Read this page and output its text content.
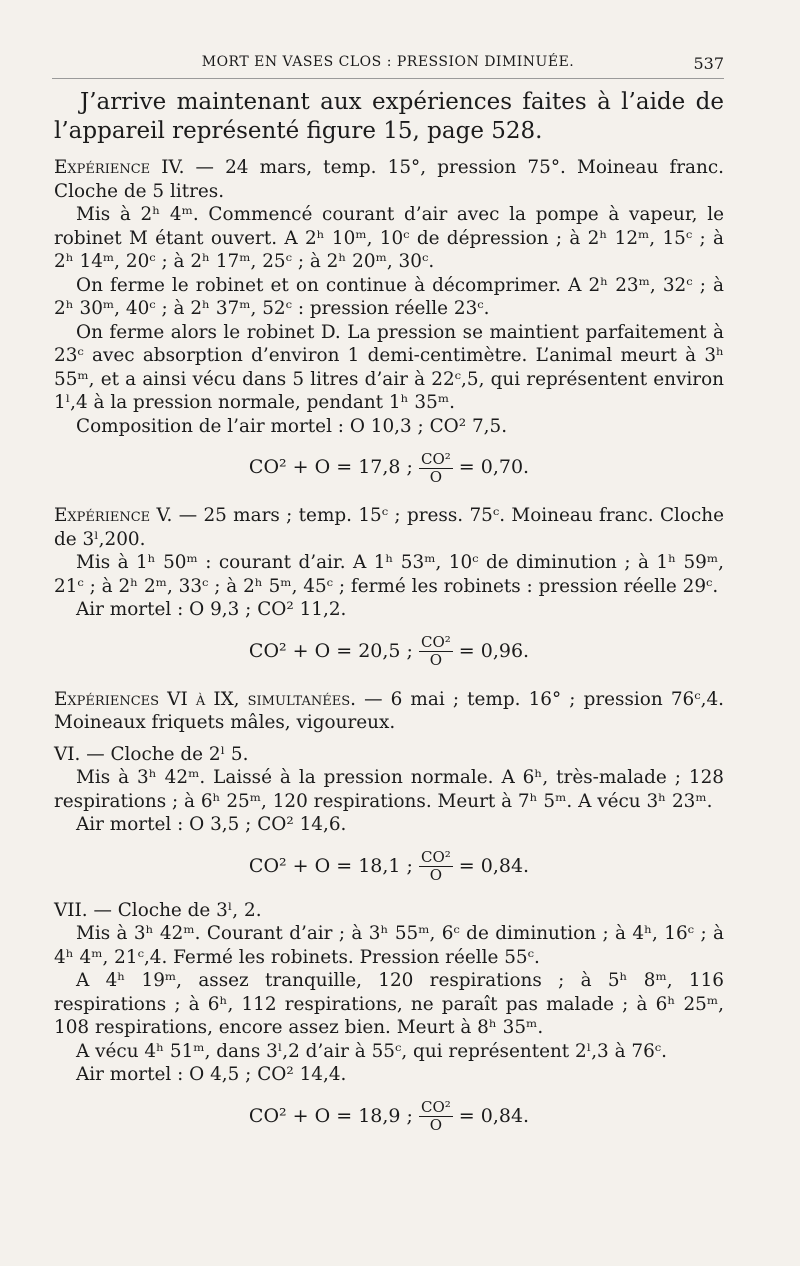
MORT EN VASES CLOS : PRESSION DIMINUÉE.	537

J’arrive maintenant aux expériences faites à l’aide de l’appareil représenté figure 15, page 528.

Expérience IV. — 24 mars, temp. 15°, pression 75°. Moineau franc. Cloche de 5 litres.

Mis à 2ʰ 4ᵐ. Commencé courant d’air avec la pompe à vapeur, le robinet M étant ouvert. A 2ʰ 10ᵐ, 10ᶜ de dépression ; à 2ʰ 12ᵐ, 15ᶜ ; à 2ʰ 14ᵐ, 20ᶜ ; à 2ʰ 17ᵐ, 25ᶜ ; à 2ʰ 20ᵐ, 30ᶜ.

On ferme le robinet et on continue à décomprimer. A 2ʰ 23ᵐ, 32ᶜ ; à 2ʰ 30ᵐ, 40ᶜ ; à 2ʰ 37ᵐ, 52ᶜ : pression réelle 23ᶜ.

On ferme alors le robinet D. La pression se maintient parfaitement à 23ᶜ avec absorption d’environ 1 demi-centimètre. L’animal meurt à 3ʰ 55ᵐ, et a ainsi vécu dans 5 litres d’air à 22ᶜ,5, qui représentent environ 1ˡ,4 à la pression normale, pendant 1ʰ 35ᵐ.

Composition de l’air mortel : O 10,3 ; CO² 7,5.

CO² + O = 17,8 ; $\frac{\text{CO²}}{O} = 0,70$.

Expérience V. — 25 mars ; temp. 15ᶜ ; press. 75ᶜ. Moineau franc. Cloche de 3ˡ,200.

Mis à 1ʰ 50ᵐ : courant d’air. A 1ʰ 53ᵐ, 10ᶜ de diminution ; à 1ʰ 59ᵐ, 21ᶜ ; à 2ʰ 2ᵐ, 33ᶜ ; à 2ʰ 5ᵐ, 45ᶜ ; fermé les robinets : pression réelle 29ᶜ.

Air mortel : O 9,3 ; CO² 11,2.

CO² + O = 20,5 ; $\frac{\text{CO²}}{O} = 0,96$.

Expériences VI à IX, simultanées. — 6 mai ; temp. 16° ; pression 76ᶜ,4. Moineaux friquets mâles, vigoureux.

VI. — Cloche de 2ˡ 5.

Mis à 3ʰ 42ᵐ. Laissé à la pression normale. A 6ʰ, très-malade ; 128 respirations ; à 6ʰ 25ᵐ, 120 respirations. Meurt à 7ʰ 5ᵐ. A vécu 3ʰ 23ᵐ.

Air mortel : O 3,5 ; CO² 14,6.

CO² + O = 18,1 ; $\frac{\text{CO²}}{O} = 0,84$.

VII. — Cloche de 3ˡ, 2.

Mis à 3ʰ 42ᵐ. Courant d’air ; à 3ʰ 55ᵐ, 6ᶜ de diminution ; à 4ʰ, 16ᶜ ; à 4ʰ 4ᵐ, 21ᶜ,4. Fermé les robinets. Pression réelle 55ᶜ.

A 4ʰ 19ᵐ, assez tranquille, 120 respirations ; à 5ʰ 8ᵐ, 116 respirations ; à 6ʰ, 112 respirations, ne paraît pas malade ; à 6ʰ 25ᵐ, 108 respirations, encore assez bien. Meurt à 8ʰ 35ᵐ.

A vécu 4ʰ 51ᵐ, dans 3ˡ,2 d’air à 55ᶜ, qui représentent 2ˡ,3 à 76ᶜ.

Air mortel : O 4,5 ; CO² 14,4.

CO² + O = 18,9 ; $\frac{\text{CO²}}{O} = 0,84$.
